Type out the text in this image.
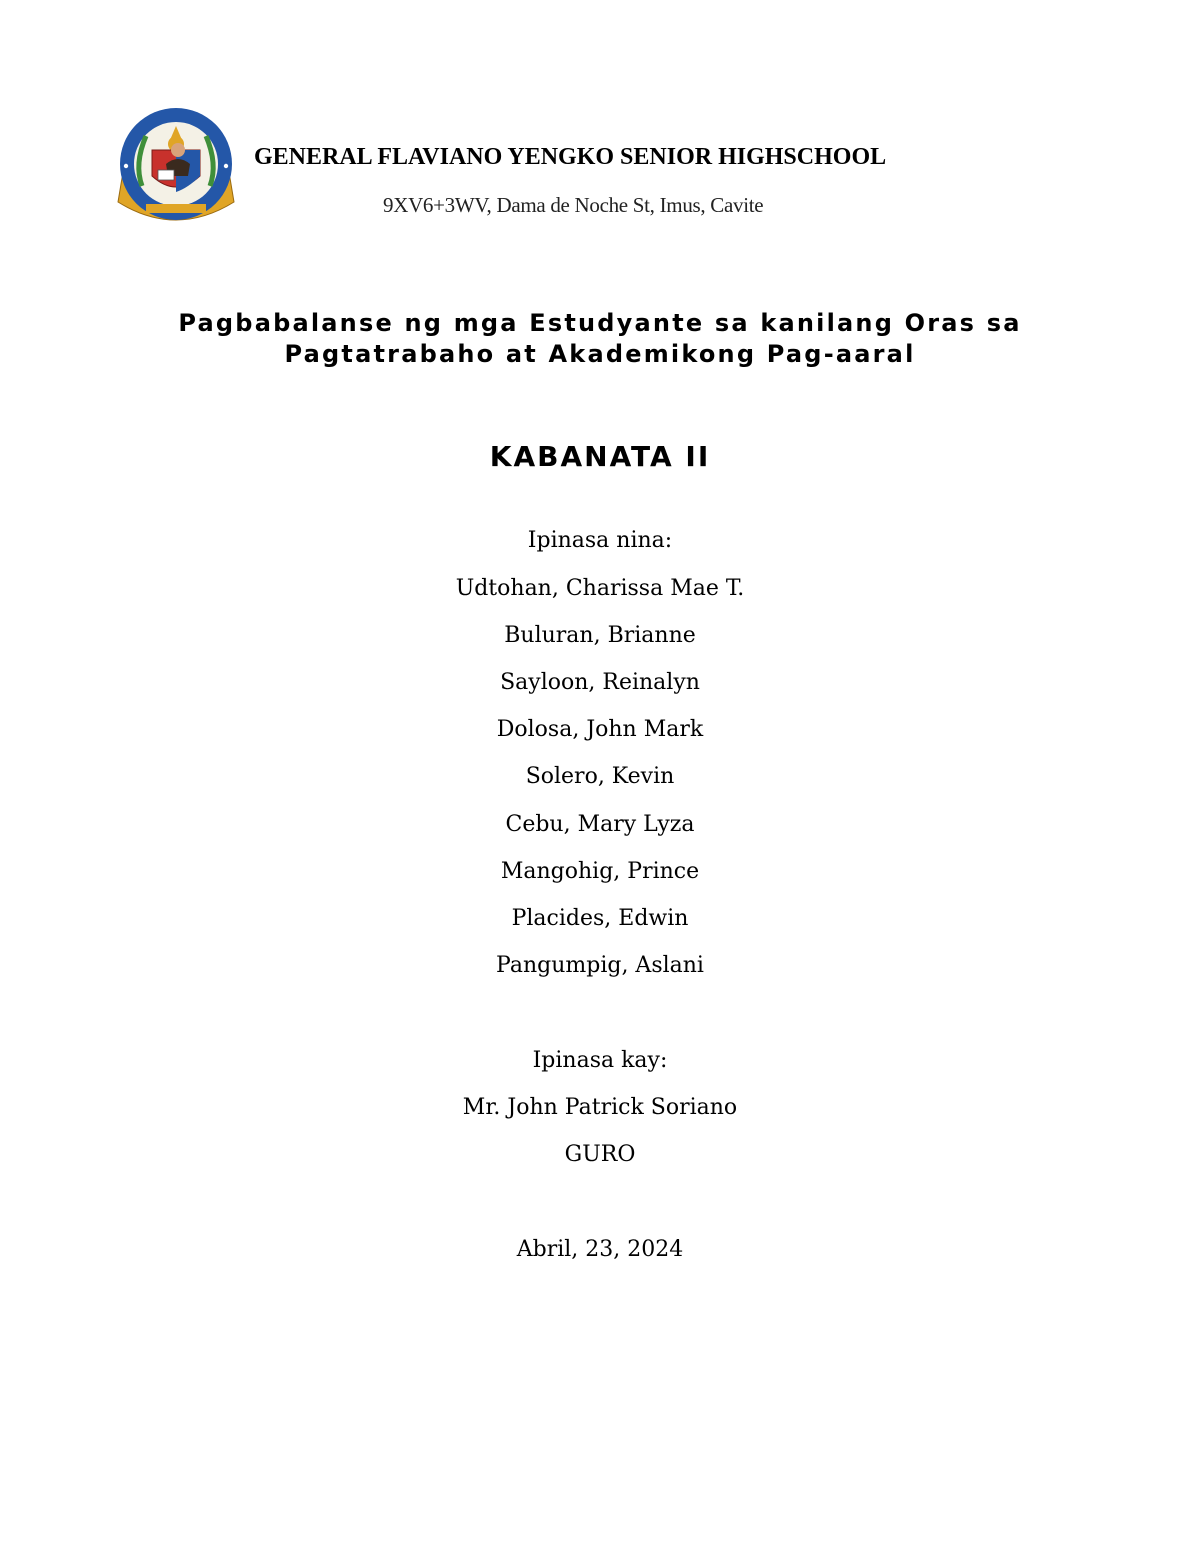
GENERAL FLAVIANO YENGKO SENIOR HIGHSCHOOL
9XV6+3WV, Dama de Noche St, Imus, Cavite
Pagbabalanse ng mga Estudyante sa kanilang Oras sa
Pagtatrabaho at Akademikong Pag-aaral
KABANATA II
Ipinasa nina:
Udtohan, Charissa Mae T.
Buluran, Brianne
Sayloon, Reinalyn
Dolosa, John Mark
Solero, Kevin
Cebu, Mary Lyza
Mangohig, Prince
Placides, Edwin
Pangumpig, Aslani
Ipinasa kay:
Mr. John Patrick Soriano
GURO
Abril, 23, 2024
